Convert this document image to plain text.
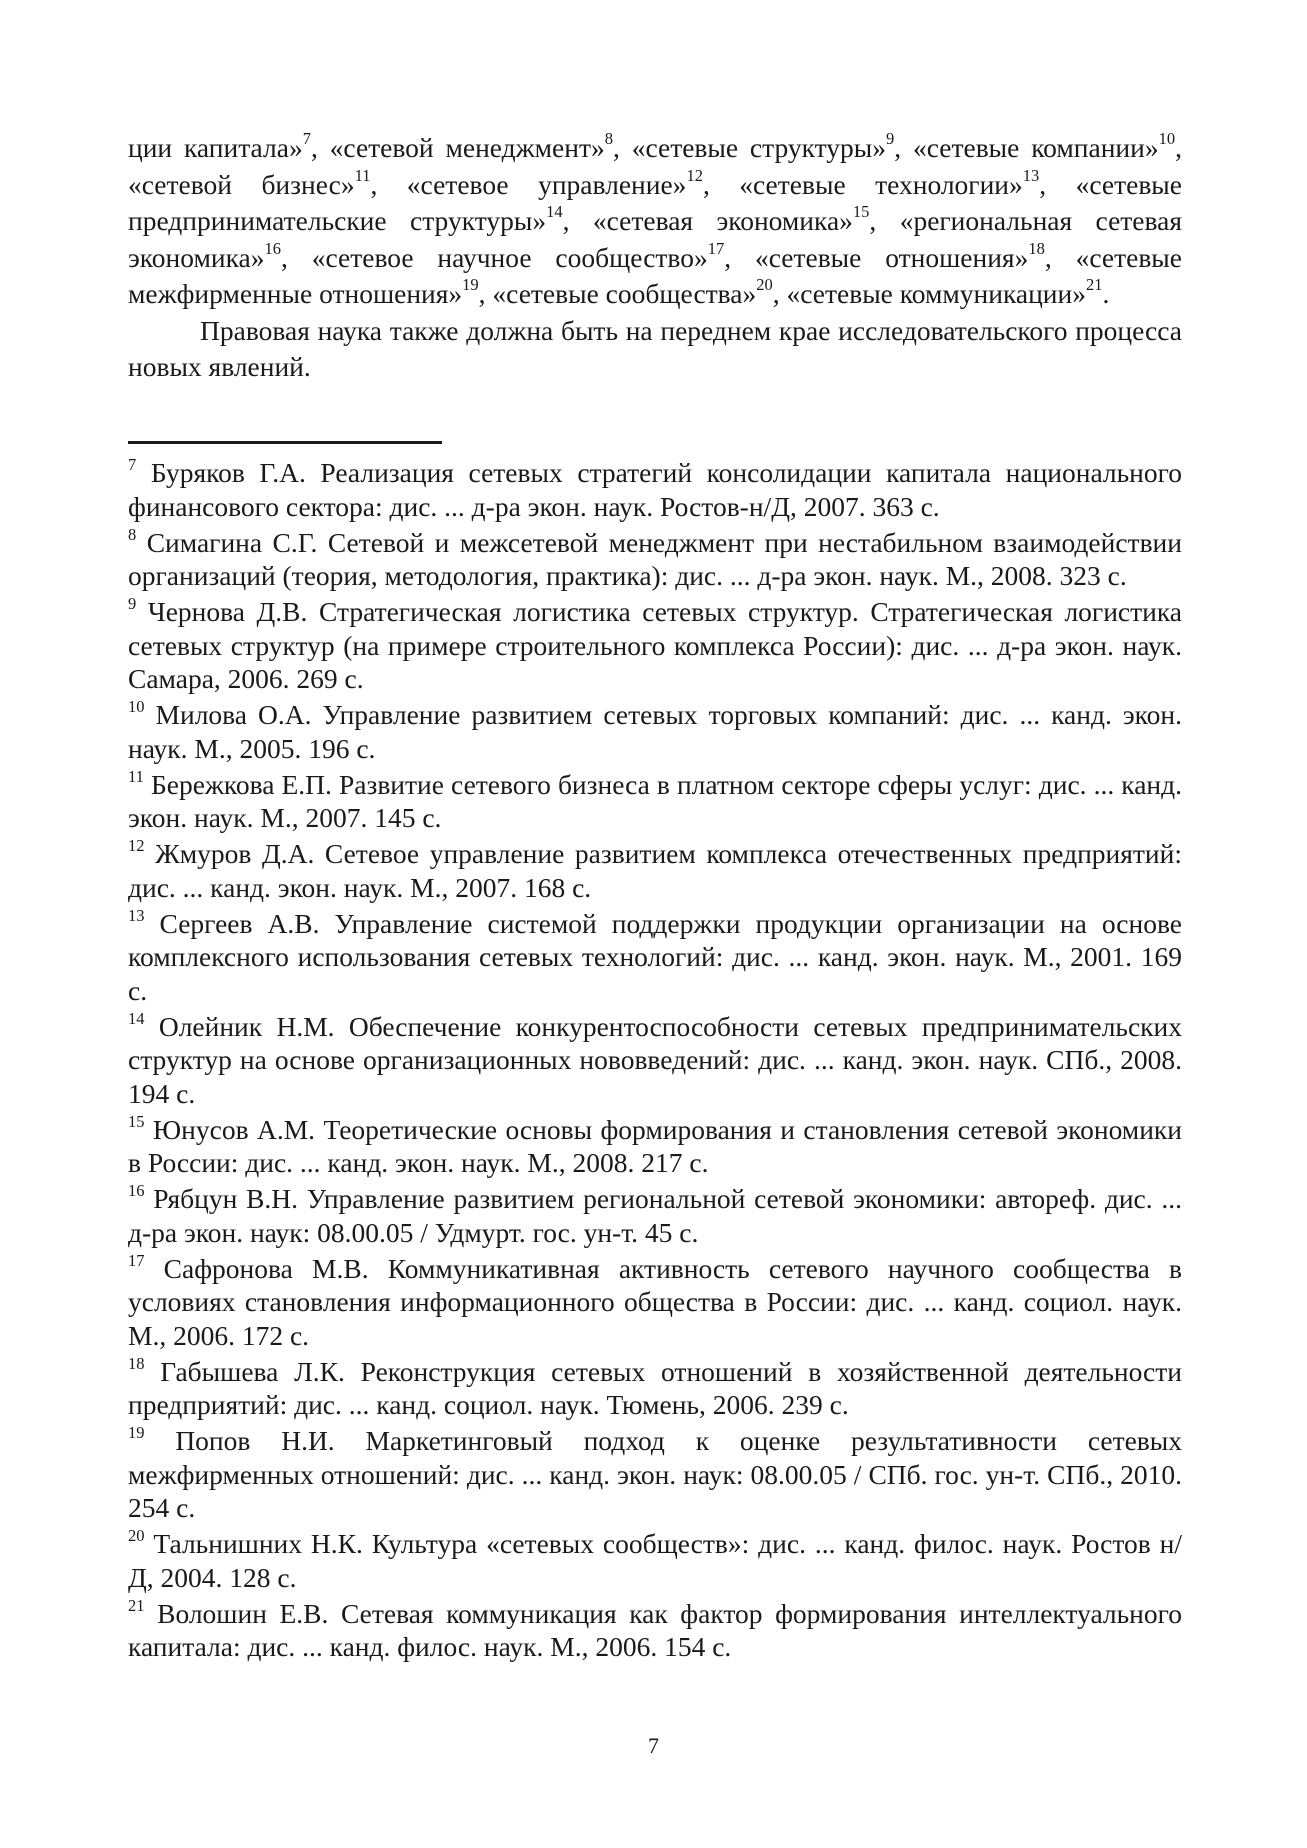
ции капитала»$^7$, «сетевой менеджмент»$^8$, «сетевые структуры»$^9$, «сетевые компании»$^{10}$, «сетевой бизнес»$^{11}$, «сетевое управление»$^{12}$, «сетевые технологии»$^{13}$, «сетевые предпринимательские структуры»$^{14}$, «сетевая экономика»$^{15}$, «региональная сетевая экономика»$^{16}$, «сетевое научное сообщество»$^{17}$, «сетевые отношения»$^{18}$, «сетевые межфирменные отношения»$^{19}$, «сетевые сообщества»$^{20}$, «сетевые коммуникации»$^{21}$.

Правовая наука также должна быть на переднем крае исследовательского процесса новых явлений.

$^7$ Буряков Г.А. Реализация сетевых стратегий консолидации капитала национального финансового сектора: дис. ... д-ра экон. наук. Ростов-н/Д, 2007. 363 с.
$^8$ Симагина С.Г. Сетевой и межсетевой менеджмент при нестабильном взаимодействии организаций (теория, методология, практика): дис. ... д-ра экон. наук. М., 2008. 323 с.
$^9$ Чернова Д.В. Стратегическая логистика сетевых структур. Стратегическая логистика сетевых структур (на примере строительного комплекса России): дис. ... д-ра экон. наук. Самара, 2006. 269 с.
$^{10}$ Милова О.А. Управление развитием сетевых торговых компаний: дис. ... канд. экон. наук. М., 2005. 196 с.
$^{11}$ Бережкова Е.П. Развитие сетевого бизнеса в платном секторе сферы услуг: дис. ... канд. экон. наук. М., 2007. 145 с.
$^{12}$ Жмуров Д.А. Сетевое управление развитием комплекса отечественных предприятий: дис. ... канд. экон. наук. М., 2007. 168 с.
$^{13}$ Сергеев А.В. Управление системой поддержки продукции организации на основе комплексного использования сетевых технологий: дис. ... канд. экон. наук. М., 2001. 169 с.
$^{14}$ Олейник Н.М. Обеспечение конкурентоспособности сетевых предпринимательских структур на основе организационных нововведений: дис. ... канд. экон. наук. СПб., 2008. 194 с.
$^{15}$ Юнусов А.М. Теоретические основы формирования и становления сетевой экономики в России: дис. ... канд. экон. наук. М., 2008. 217 с.
$^{16}$ Рябцун В.Н. Управление развитием региональной сетевой экономики: автореф. дис. ... д-ра экон. наук: 08.00.05 / Удмурт. гос. ун-т. 45 с.
$^{17}$ Сафронова М.В. Коммуникативная активность сетевого научного сообщества в условиях становления информационного общества в России: дис. ... канд. социол. наук. М., 2006. 172 с.
$^{18}$ Габышева Л.К. Реконструкция сетевых отношений в хозяйственной деятельности предприятий: дис. ... канд. социол. наук. Тюмень, 2006. 239 с.
$^{19}$ Попов Н.И. Маркетинговый подход к оценке результативности сетевых межфирменных отношений: дис. ... канд. экон. наук: 08.00.05 / СПб. гос. ун-т. СПб., 2010. 254 с.
$^{20}$ Тальнишних Н.К. Культура «сетевых сообществ»: дис. ... канд. филос. наук. Ростов н/Д, 2004. 128 с.
$^{21}$ Волошин Е.В. Сетевая коммуникация как фактор формирования интеллектуального капитала: дис. ... канд. филос. наук. М., 2006. 154 с.
7
